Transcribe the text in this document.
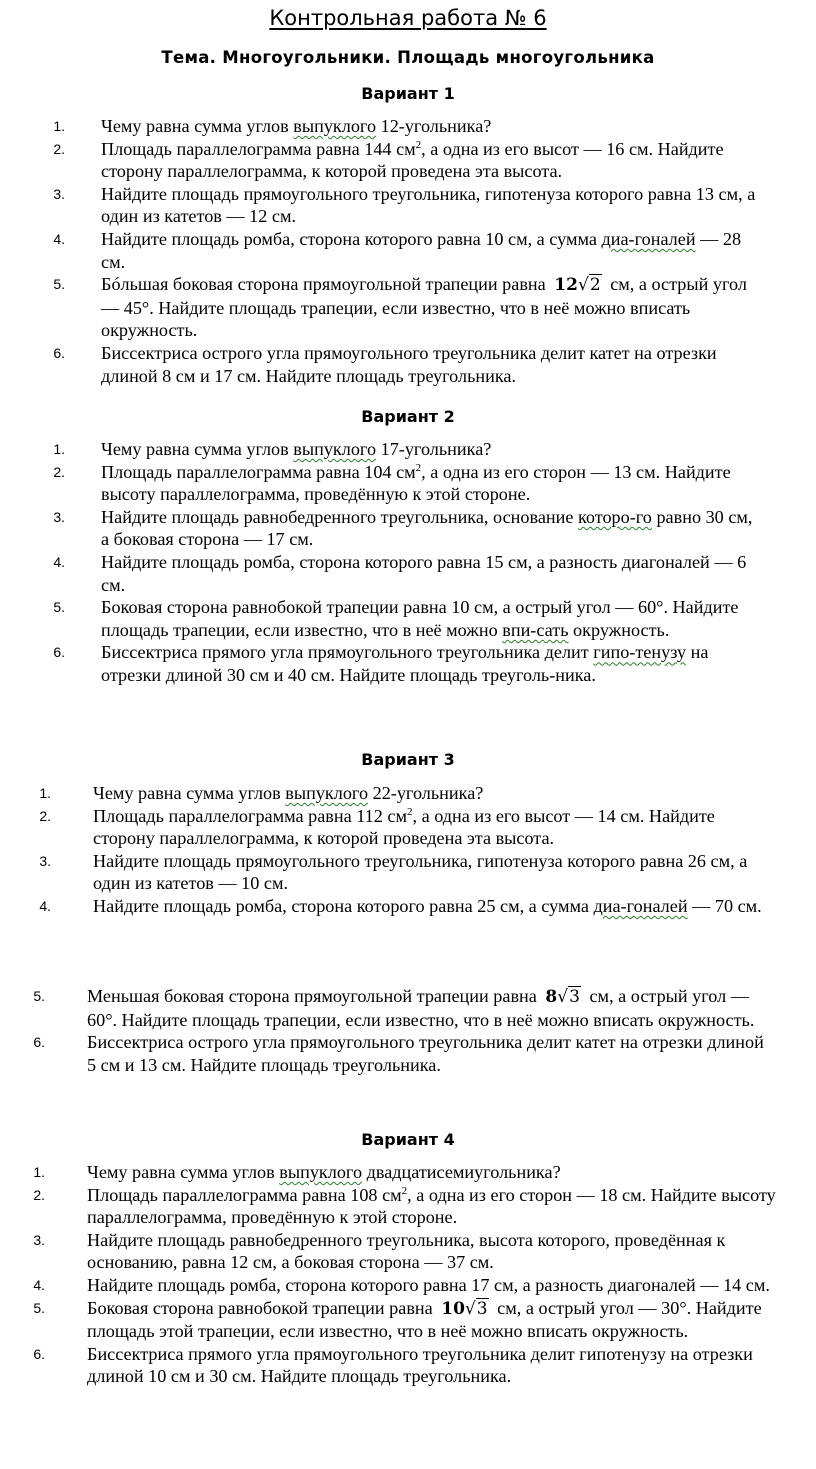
Контрольная работа № 6
Тема. Многоугольники. Площадь многоугольника
Вариант 1
1. Чему равна сумма углов выпуклого 12-угольника?
2. Площадь параллелограмма равна 144 $см^2$, а одна из его высот — 16 см. Найдите сторону параллелограмма, к которой проведена эта высота.
3. Найдите площадь прямоугольного треугольника, гипотенуза которого равна 13 см, а один из катетов — 12 см.
4. Найдите площадь ромба, сторона которого равна 10 см, а сумма диа-гоналей — 28 см.
5. Бóльшая боковая сторона прямоугольной трапеции равна 12√2 см, а острый угол — 45°. Найдите площадь трапеции, если известно, что в неё можно вписать окружность.
6. Биссектриса острого угла прямоугольного треугольника делит катет на отрезки длиной 8 см и 17 см. Найдите площадь треугольника.
Вариант 2
1. Чему равна сумма углов выпуклого 17-угольника?
2. Площадь параллелограмма равна 104 $см^2$, а одна из его сторон — 13 см. Найдите высоту параллелограмма, проведённую к этой стороне.
3. Найдите площадь равнобедренного треугольника, основание которо-го равно 30 см, а боковая сторона — 17 см.
4. Найдите площадь ромба, сторона которого равна 15 см, а разность диагоналей — 6 см.
5. Боковая сторона равнобокой трапеции равна 10 см, а острый угол — 60°. Найдите площадь трапеции, если известно, что в неё можно впи-сать окружность.
6. Биссектриса прямого угла прямоугольного треугольника делит гипо-тенузу на отрезки длиной 30 см и 40 см. Найдите площадь треуголь-ника.
Вариант 3
1. Чему равна сумма углов выпуклого 22-угольника?
2. Площадь параллелограмма равна 112 $см^2$, а одна из его высот — 14 см. Найдите сторону параллелограмма, к которой проведена эта высота.
3. Найдите площадь прямоугольного треугольника, гипотенуза которого равна 26 см, а один из катетов — 10 см.
4. Найдите площадь ромба, сторона которого равна 25 см, а сумма диа-гоналей — 70 см.
5. Меньшая боковая сторона прямоугольной трапеции равна 8√3 см, а острый угол — 60°. Найдите площадь трапеции, если известно, что в неё можно вписать окружность.
6. Биссектриса острого угла прямоугольного треугольника делит катет на отрезки длиной 5 см и 13 см. Найдите площадь треугольника.
Вариант 4
1. Чему равна сумма углов выпуклого двадцатисемиугольника?
2. Площадь параллелограмма равна 108 $см^2$, а одна из его сторон — 18 см. Найдите высоту параллелограмма, проведённую к этой стороне.
3. Найдите площадь равнобедренного треугольника, высота которого, проведённая к основанию, равна 12 см, а боковая сторона — 37 см.
4. Найдите площадь ромба, сторона которого равна 17 см, а разность диагоналей — 14 см.
5. Боковая сторона равнобокой трапеции равна 10√3 см, а острый угол — 30°. Найдите площадь этой трапеции, если известно, что в неё можно вписать окружность.
6. Биссектриса прямого угла прямоугольного треугольника делит гипотенузу на отрезки длиной 10 см и 30 см. Найдите площадь треугольника.
